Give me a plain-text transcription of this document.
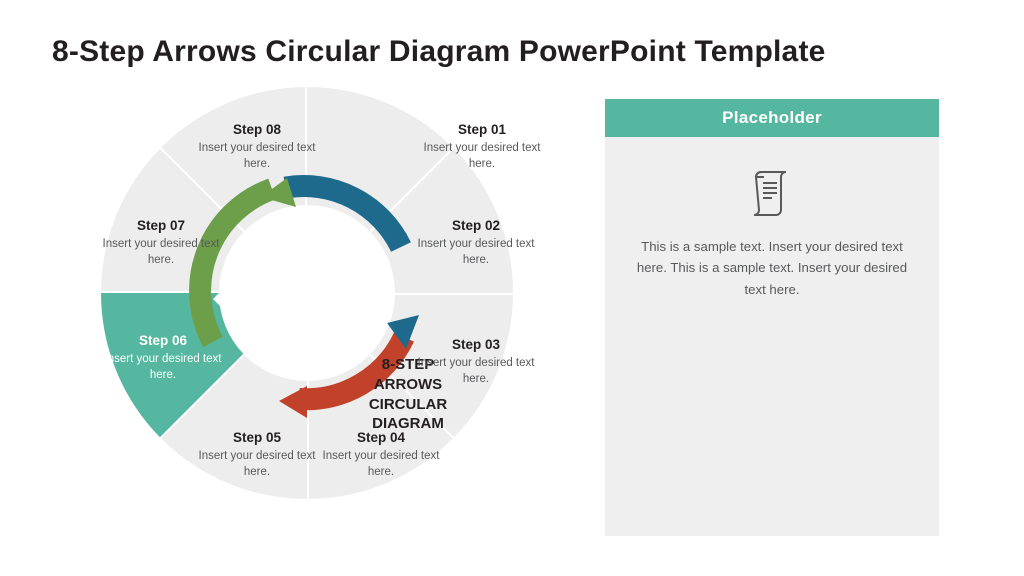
8-Step Arrows Circular Diagram PowerPoint Template
8-STEP
ARROWS
CIRCULAR
DIAGRAM
Step 01
Insert your desired text here.
Step 02
Insert your desired text here.
Step 03
Insert your desired text here.
Step 04
Insert your desired text here.
Step 05
Insert your desired text here.
Step 06
Insert your desired text here.
Step 07
Insert your desired text here.
Step 08
Insert your desired text here.
Placeholder
This is a sample text. Insert your desired text here. This is a sample text. Insert your desired text here.
